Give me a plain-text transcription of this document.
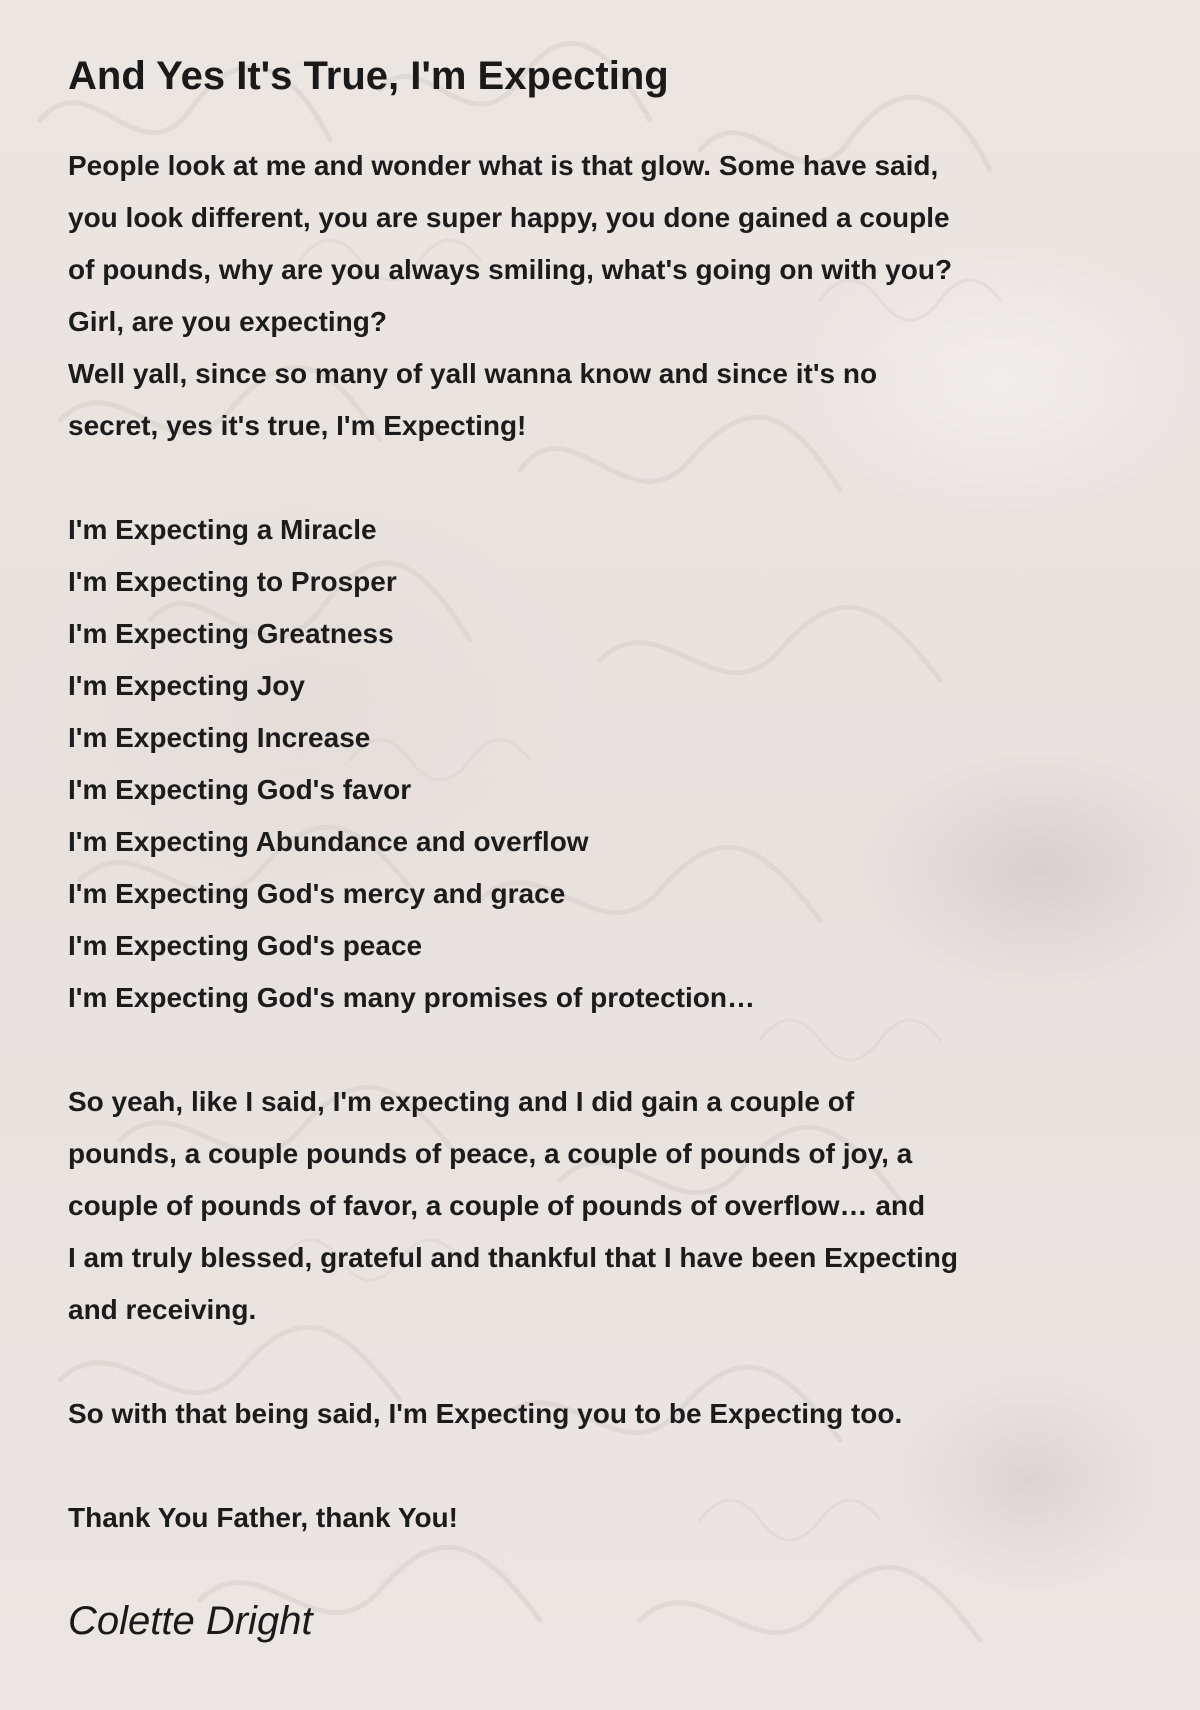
And Yes It's True, I'm Expecting
People look at me and wonder what is that glow. Some have said,
you look different, you are super happy, you done gained a couple
of pounds, why are you always smiling, what's going on with you?
Girl, are you expecting?
Well yall, since so many of yall wanna know and since it's no
secret, yes it's true, I'm Expecting!
I'm Expecting a Miracle
I'm Expecting to Prosper
I'm Expecting Greatness
I'm Expecting Joy
I'm Expecting Increase
I'm Expecting God's favor
I'm Expecting Abundance and overflow
I'm Expecting God's mercy and grace
I'm Expecting God's peace
I'm Expecting God's many promises of protection…
So yeah, like I said, I'm expecting and I did gain a couple of
pounds, a couple pounds of peace, a couple of pounds of joy, a
couple of pounds of favor, a couple of pounds of overflow… and
I am truly blessed, grateful and thankful that I have been Expecting
and receiving.
So with that being said, I'm Expecting you to be Expecting too.
Thank You Father, thank You!
Colette Dright
